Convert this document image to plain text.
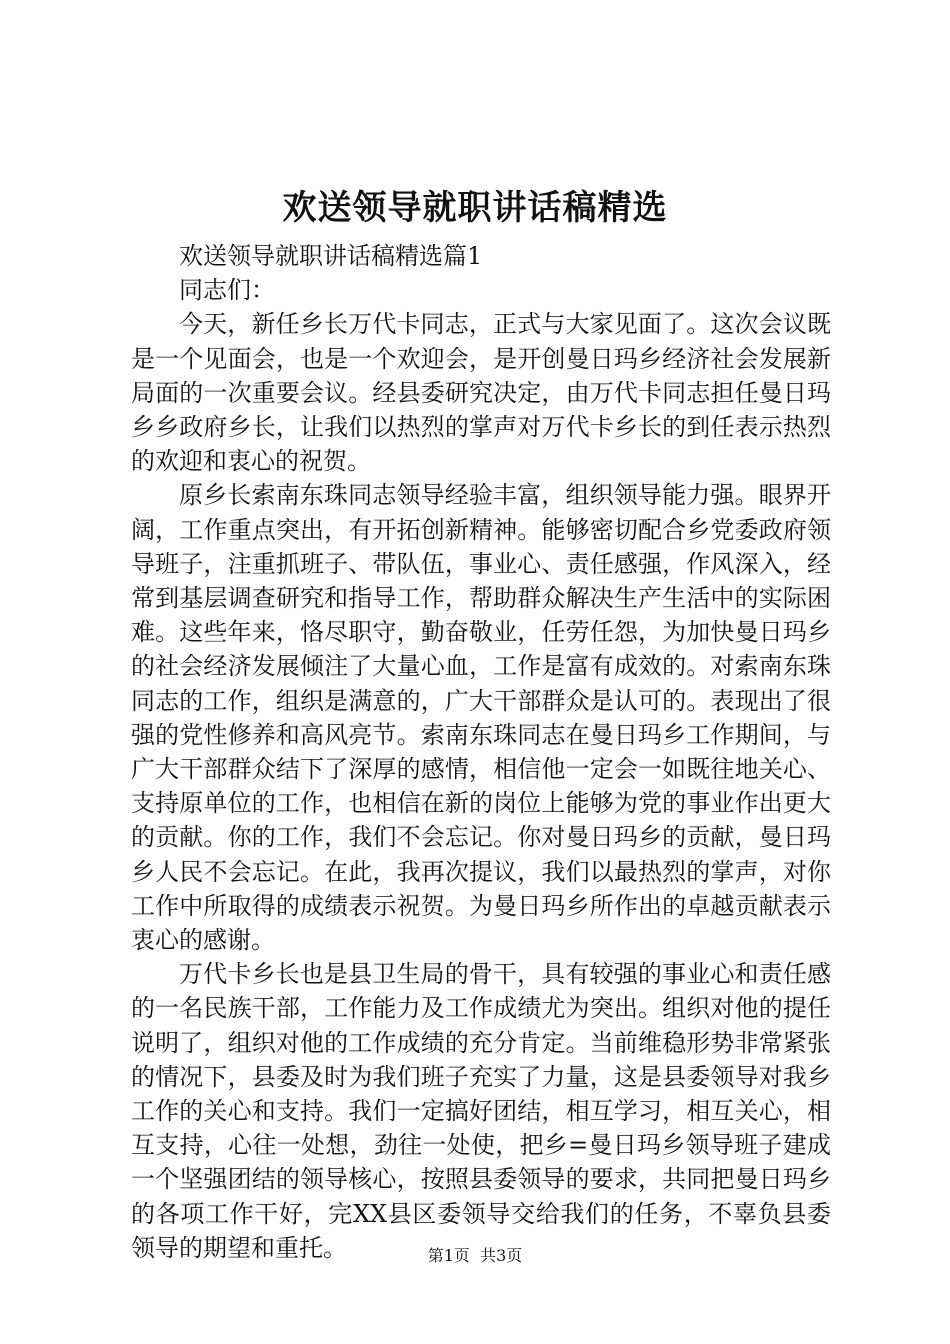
欢送领导就职讲话稿精选

欢送领导就职讲话稿精选篇1

同志们：

今天，新任乡长万代卡同志，正式与大家见面了。这次会议既是一个见面会，也是一个欢迎会，是开创曼日玛乡经济社会发展新局面的一次重要会议。经县委研究决定，由万代卡同志担任曼日玛乡乡政府乡长，让我们以热烈的掌声对万代卡乡长的到任表示热烈的欢迎和衷心的祝贺。

原乡长索南东珠同志领导经验丰富，组织领导能力强。眼界开阔，工作重点突出，有开拓创新精神。能够密切配合乡党委政府领导班子，注重抓班子、带队伍，事业心、责任感强，作风深入，经常到基层调查研究和指导工作，帮助群众解决生产生活中的实际困难。这些年来，恪尽职守，勤奋敬业，任劳任怨，为加快曼日玛乡的社会经济发展倾注了大量心血，工作是富有成效的。对索南东珠同志的工作，组织是满意的，广大干部群众是认可的。表现出了很强的党性修养和高风亮节。索南东珠同志在曼日玛乡工作期间，与广大干部群众结下了深厚的感情，相信他一定会一如既往地关心、支持原单位的工作，也相信在新的岗位上能够为党的事业作出更大的贡献。你的工作，我们不会忘记。你对曼日玛乡的贡献，曼日玛乡人民不会忘记。在此，我再次提议，我们以最热烈的掌声，对你工作中所取得的成绩表示祝贺。为曼日玛乡所作出的卓越贡献表示衷心的感谢。

万代卡乡长也是县卫生局的骨干，具有较强的事业心和责任感的一名民族干部，工作能力及工作成绩尤为突出。组织对他的提任说明了，组织对他的工作成绩的充分肯定。当前维稳形势非常紧张的情况下，县委及时为我们班子充实了力量，这是县委领导对我乡工作的关心和支持。我们一定搞好团结，相互学习，相互关心，相互支持，心往一处想，劲往一处使，把乡=曼日玛乡领导班子建成一个坚强团结的领导核心，按照县委领导的要求，共同把曼日玛乡的各项工作干好，完XX县区委领导交给我们的任务，不辜负县委领导的期望和重托。	第1页 共3页
